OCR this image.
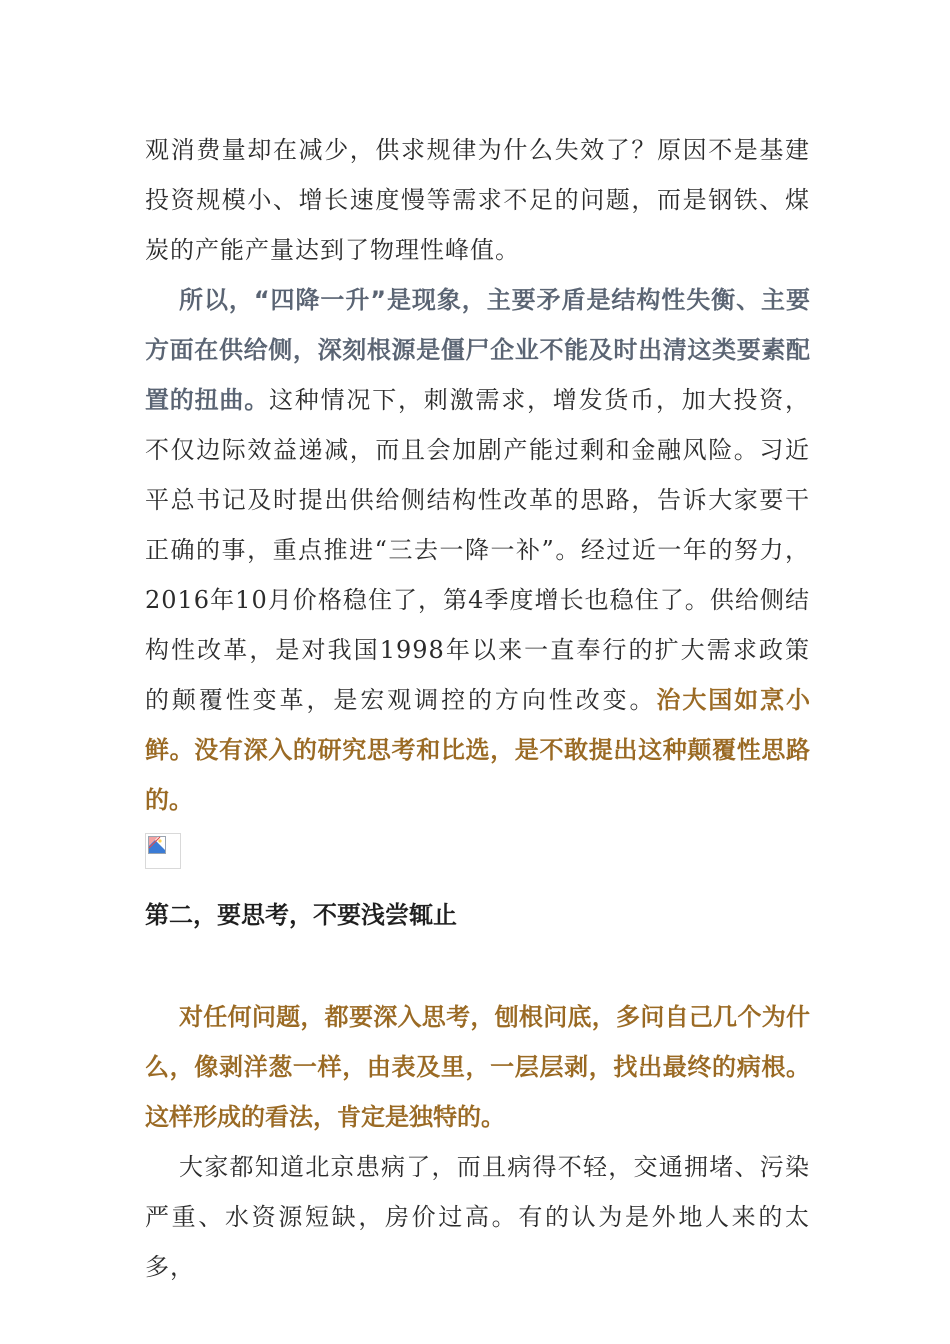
观消费量却在减少，供求规律为什么失效了？原因不是基建投资规模小、增长速度慢等需求不足的问题，而是钢铁、煤炭的产能产量达到了物理性峰值。

所以，“四降一升”是现象，主要矛盾是结构性失衡、主要方面在供给侧，深刻根源是僵尸企业不能及时出清这类要素配置的扭曲。这种情况下，刺激需求，增发货币，加大投资，不仅边际效益递减，而且会加剧产能过剩和金融风险。习近平总书记及时提出供给侧结构性改革的思路，告诉大家要干正确的事，重点推进“三去一降一补”。经过近一年的努力，2016年10月价格稳住了，第4季度增长也稳住了。供给侧结构性改革，是对我国1998年以来一直奉行的扩大需求政策的颠覆性变革，是宏观调控的方向性改变。治大国如烹小鲜。没有深入的研究思考和比选，是不敢提出这种颠覆性思路的。

第二，要思考，不要浅尝辄止

对任何问题，都要深入思考，刨根问底，多问自己几个为什么，像剥洋葱一样，由表及里，一层层剥，找出最终的病根。这样形成的看法，肯定是独特的。

大家都知道北京患病了，而且病得不轻，交通拥堵、污染严重、水资源短缺，房价过高。有的认为是外地人来的太多，
